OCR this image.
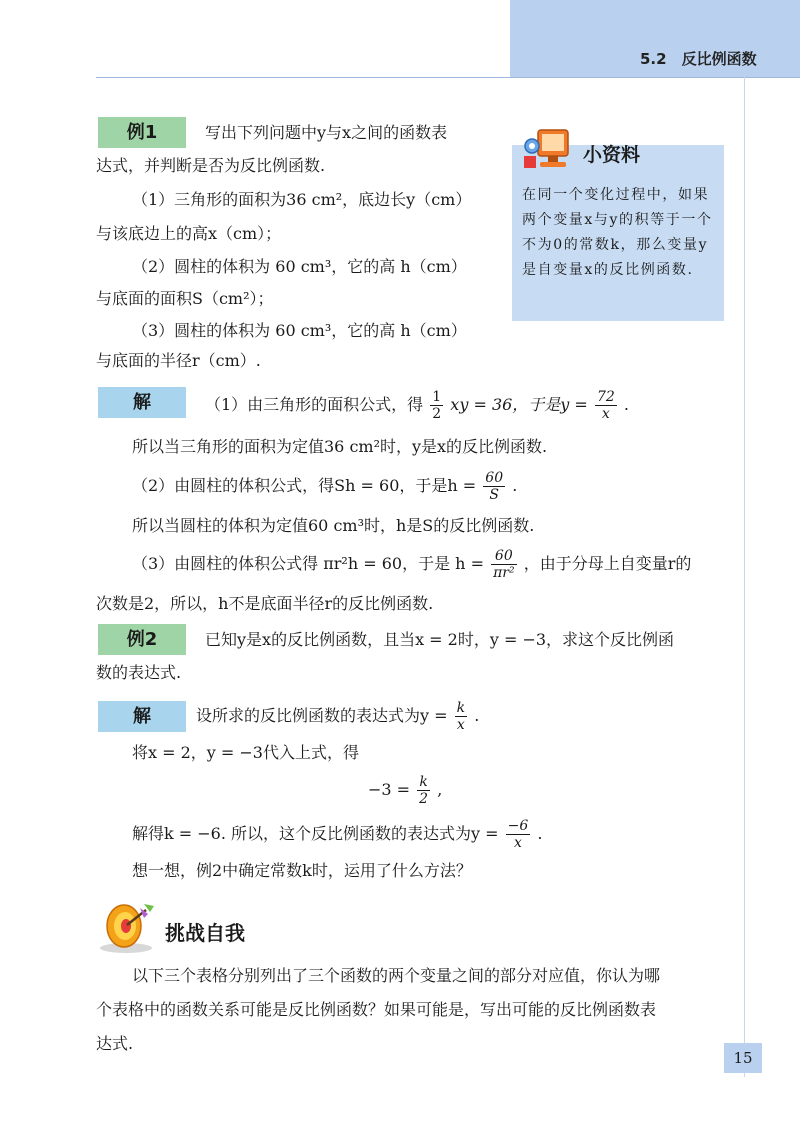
5.2　反比例函数
例1	写出下列问题中y与x之间的函数表
达式，并判断是否为反比例函数.
（1）三角形的面积为36 cm²，底边长y（cm）
与该底边上的高x（cm）；
（2）圆柱的体积为 60 cm³，它的高 h（cm）
与底面的面积S（cm²）；
（3）圆柱的体积为 60 cm³，它的高 h（cm）
与底面的半径r（cm）.
小资料
在同一个变化过程中，如果两个变量x与y的积等于一个不为0的常数k，那么变量y是自变量x的反比例函数.
解	（1）由三角形的面积公式，得 $\frac{1}{2}$ xy = 36，于是$y = \frac{72}{x}$ .
所以当三角形的面积为定值36 cm²时，y是x的反比例函数.
（2）由圆柱的体积公式，得Sh = 60，于是$h = \frac{60}{S}$ .
所以当圆柱的体积为定值60 cm³时，h是S的反比例函数.
（3）由圆柱的体积公式得 πr²h = 60，于是 $h = \frac{60}{\text{πr²}}$ ，由于分母上自变量r的
次数是2，所以，h不是底面半径r的反比例函数.
例2	已知y是x的反比例函数，且当x = 2时，y = −3，求这个反比例函
数的表达式.
解	设所求的反比例函数的表达式为$y = \frac{k}{x}$ .
将x = 2，y = −3代入上式，得
$-3 = \frac{k}{2}$ ,
解得k = −6. 所以，这个反比例函数的表达式为$y = \frac{-6}{x}$ .
想一想，例2中确定常数k时，运用了什么方法？
挑战自我
以下三个表格分别列出了三个函数的两个变量之间的部分对应值，你认为哪
个表格中的函数关系可能是反比例函数？如果可能是，写出可能的反比例函数表
达式.
15
